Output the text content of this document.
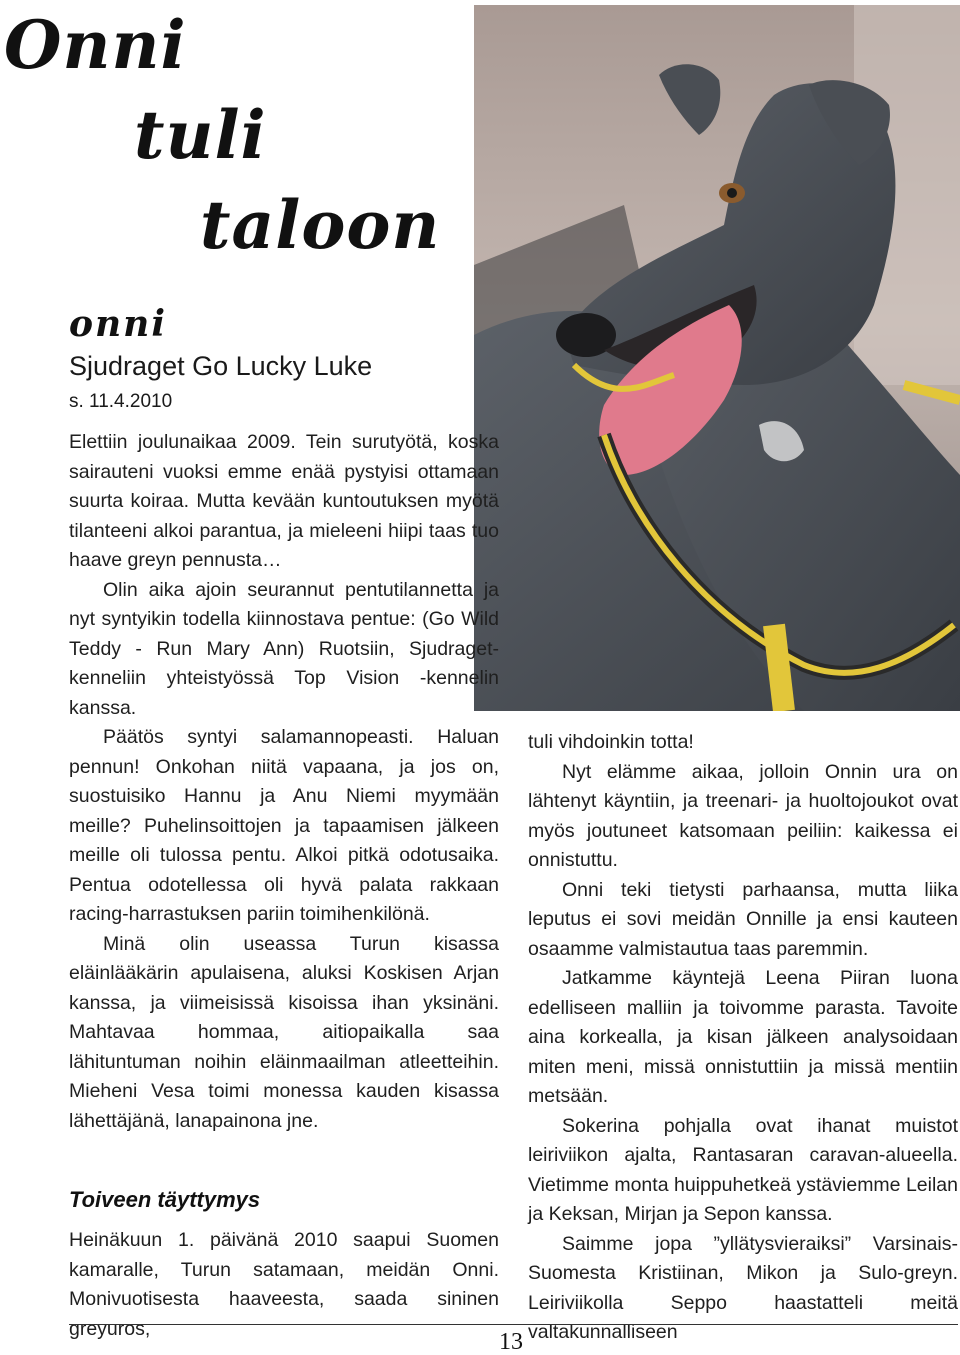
Onni
tuli
taloon

onni

Sjudraget Go Lucky Luke

s. 11.4.2010

Elettiin joulunaikaa 2009. Tein surutyötä, koska sairauteni vuoksi emme enää pystyisi ottamaan suurta koiraa. Mutta kevään kuntoutuksen myötä tilanteeni alkoi parantua, ja mieleeni hiipi taas tuo haave greyn pennusta…

Olin aika ajoin seurannut pentutilannetta ja nyt syntyikin todella kiinnostava pentue: (Go Wild Teddy - Run Mary Ann) Ruotsiin, Sjudraget-kenneliin yhteistyössä Top Vision -kennelin kanssa.

Päätös syntyi salamannopeasti. Haluan pennun! Onkohan niitä vapaana, ja jos on, suostuisiko Hannu ja Anu Niemi myymään meille? Puhelinsoittojen ja tapaamisen jälkeen meille oli tulossa pentu. Alkoi pitkä odotusaika. Pentua odotellessa oli hyvä palata rakkaan racing-harrastuksen pariin toimihenkilönä.

Minä olin useassa Turun kisassa eläinlääkärin apulaisena, aluksi Koskisen Arjan kanssa, ja viimeisissä kisoissa ihan yksinäni. Mahtavaa hommaa, aitiopaikalla saa lähituntuman noihin eläinmaailman atleetteihin. Mieheni Vesa toimi monessa kauden kisassa lähettäjänä, lanapainona jne.

Toiveen täyttymys

Heinäkuun 1. päivänä 2010 saapui Suomen kamaralle, Turun satamaan, meidän Onni. Monivuotisesta haaveesta, saada sininen greyuros,

tuli vihdoinkin totta!

Nyt elämme aikaa, jolloin Onnin ura on lähtenyt käyntiin, ja treenari- ja huoltojoukot ovat myös joutuneet katsomaan peiliin: kaikessa ei onnistuttu.

Onni teki tietysti parhaansa, mutta liika leputus ei sovi meidän Onnille ja ensi kauteen osaamme valmistautua taas paremmin.

Jatkamme käyntejä Leena Piiran luona edelliseen malliin ja toivomme parasta. Tavoite aina korkealla, ja kisan jälkeen analysoidaan miten meni, missä onnistuttiin ja missä mentiin metsään.

Sokerina pohjalla ovat ihanat muistot leiriviikon ajalta, Rantasaran caravan-alueella. Vietimme monta huippuhetkeä ystäviemme Leilan ja Keksan, Mirjan ja Sepon kanssa.

Saimme jopa ”yllätysvieraiksi” Varsinais-Suomesta Kristiinan, Mikon ja Sulo-greyn. Leiriviikolla Seppo haastatteli meitä valtakunnalliseen

13
